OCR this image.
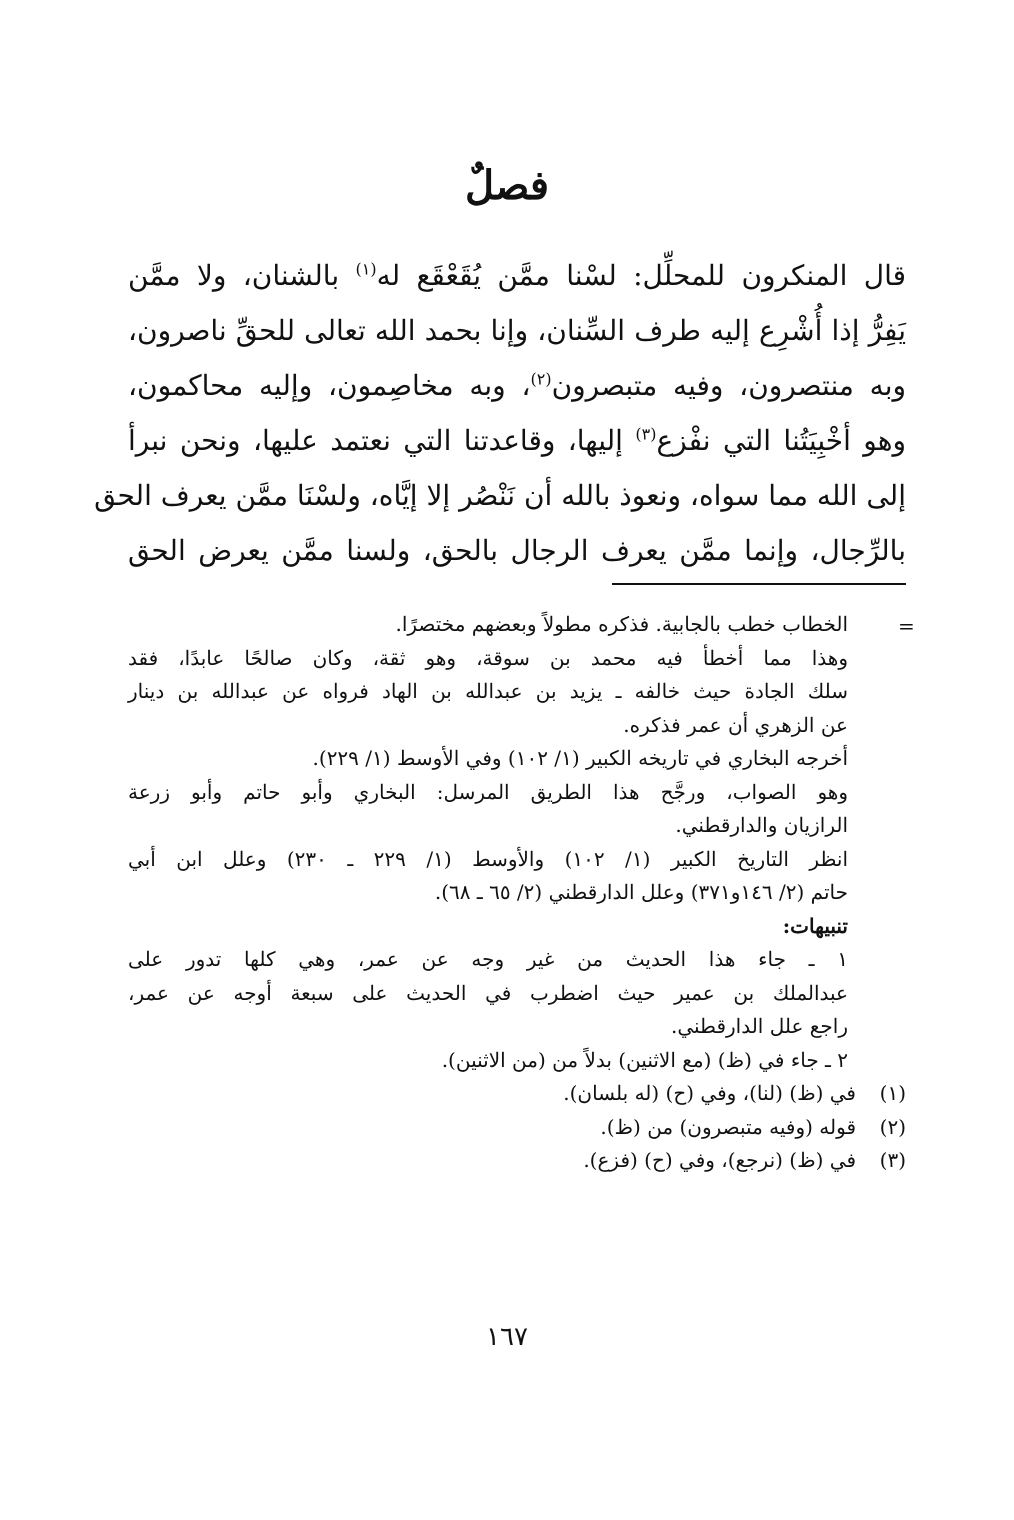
فصلٌ
قال المنكرون للمحلِّل: لسْنا ممَّن يُقَعْقَع له$^{(١)}$ بالشنان، ولا ممَّن
يَفِرُّ إذا أُشْرِع إليه طرف السِّنان، وإنا بحمد الله تعالى للحقِّ ناصرون،
وبه منتصرون، وفيه متبصرون$^{(٢)}$، وبه مخاصِمون، وإليه محاكمون،
وهو أخْبِيَتُنا التي نفْزع$^{(٣)}$ إليها، وقاعدتنا التي نعتمد عليها، ونحن نبرأ
إلى الله مما سواه، ونعوذ بالله أن نَنْصُر إلا إيَّاه، ولسْنَا ممَّن يعرف الحق
بالرِّجال، وإنما ممَّن يعرف الرجال بالحق، ولسنا ممَّن يعرض الحق
=
الخطاب خطب بالجابية. فذكره مطولاً وبعضهم مختصرًا.
وهذا مما أخطأ فيه محمد بن سوقة، وهو ثقة، وكان صالحًا عابدًا، فقد
سلك الجادة حيث خالفه ـ يزيد بن عبدالله بن الهاد فرواه عن عبدالله بن دينار
عن الزهري أن عمر فذكره.
أخرجه البخاري في تاريخه الكبير (١/ ١٠٢) وفي الأوسط (١/ ٢٢٩).
وهو الصواب، ورجَّح هذا الطريق المرسل: البخاري وأبو حاتم وأبو زرعة
الرازيان والدارقطني.
انظر التاريخ الكبير (١/ ١٠٢) والأوسط (١/ ٢٢٩ ـ ٢٣٠) وعلل ابن أبي
حاتم (٢/ ١٤٦و٣٧١) وعلل الدارقطني (٢/ ٦٥ ـ ٦٨).
تنبيهات:
١ ـ جاء هذا الحديث من غير وجه عن عمر، وهي كلها تدور على
عبدالملك بن عمير حيث اضطرب في الحديث على سبعة أوجه عن عمر،
راجع علل الدارقطني.
٢ ـ جاء في (ظ) (مع الاثنين) بدلاً من (من الاثنين).
(١)في (ظ) (لنا)، وفي (ح) (له بلسان).
(٢)قوله (وفيه متبصرون) من (ظ).
(٣)في (ظ) (نرجع)، وفي (ح) (فزع).
١٦٧
